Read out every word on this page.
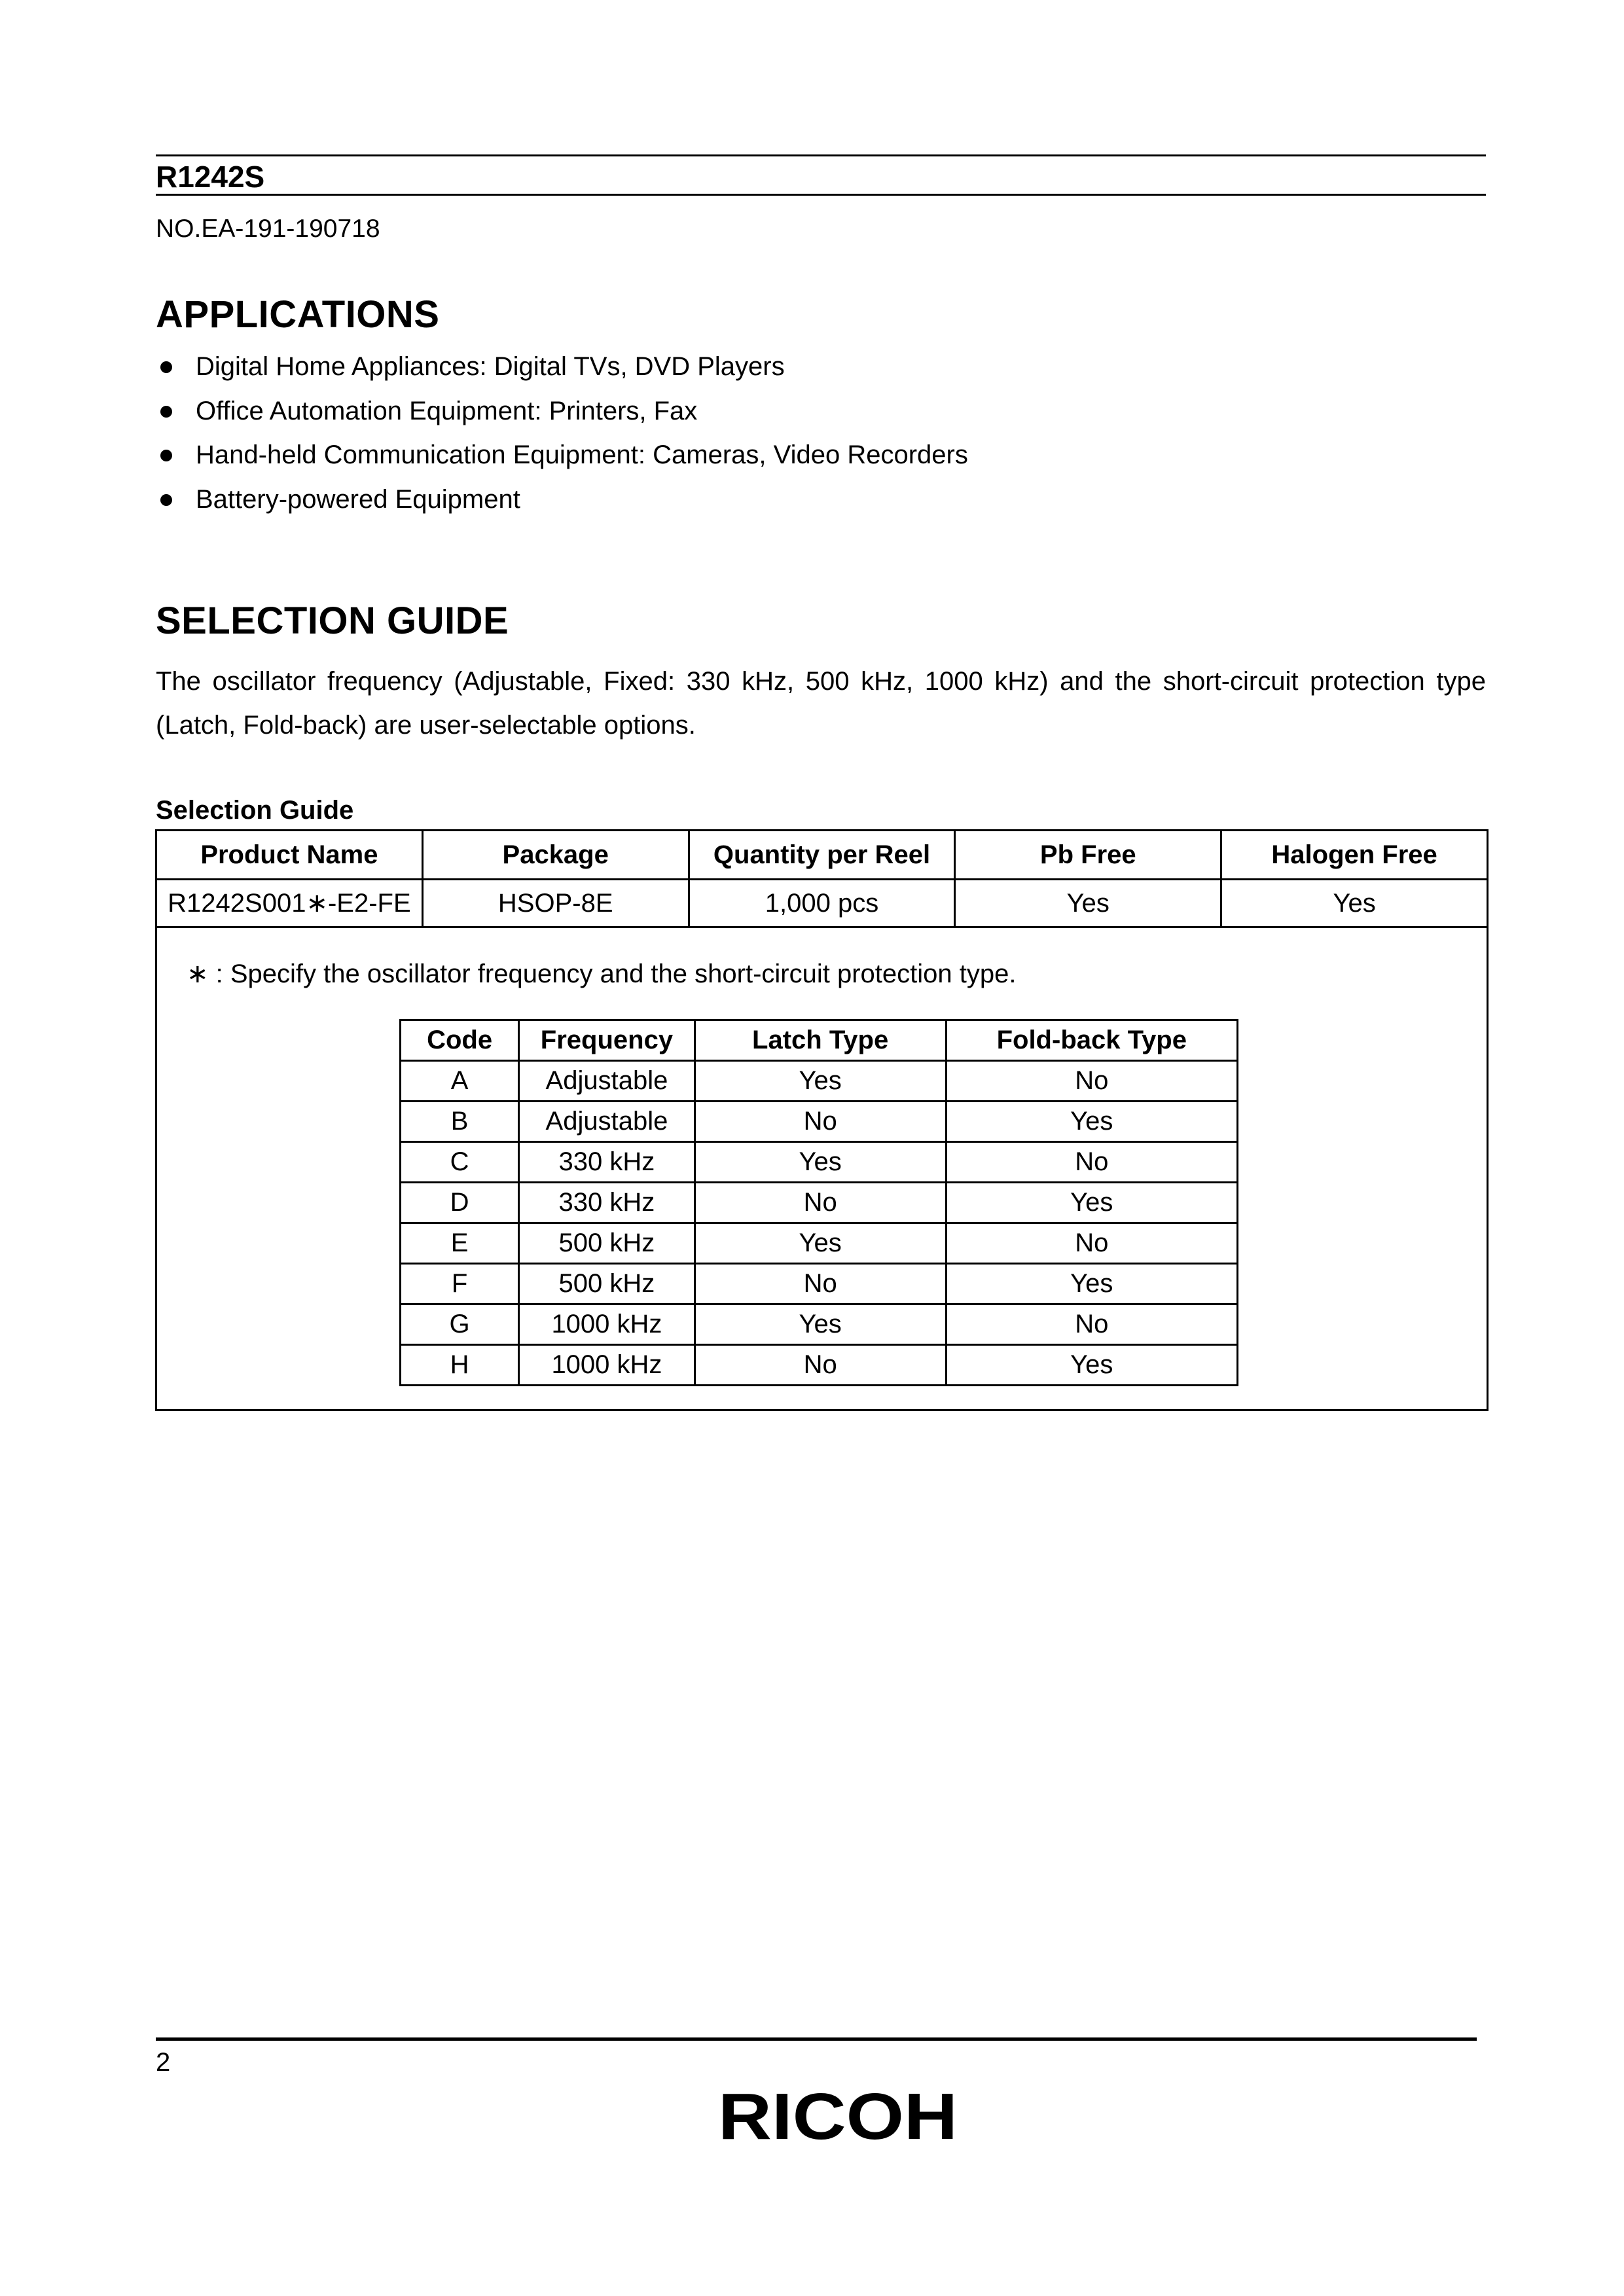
R1242S
NO.EA-191-190718
APPLICATIONS
Digital Home Appliances: Digital TVs, DVD Players
Office Automation Equipment: Printers, Fax
Hand-held Communication Equipment: Cameras, Video Recorders
Battery-powered Equipment
SELECTION GUIDE
The oscillator frequency (Adjustable, Fixed: 330 kHz, 500 kHz, 1000 kHz) and the short-circuit protection type (Latch, Fold-back) are user-selectable options.
Selection Guide
Product Name	Package	Quantity per Reel	Pb Free	Halogen Free
R1242S001∗-E2-FE	HSOP-8E	1,000 pcs	Yes	Yes
∗ : Specify the oscillator frequency and the short-circuit protection type.
Code	Frequency	Latch Type	Fold-back Type
A	Adjustable	Yes	No
B	Adjustable	No	Yes
C	330 kHz	Yes	No
D	330 kHz	No	Yes
E	500 kHz	Yes	No
F	500 kHz	No	Yes
G	1000 kHz	Yes	No
H	1000 kHz	No	Yes
2
RICOH
